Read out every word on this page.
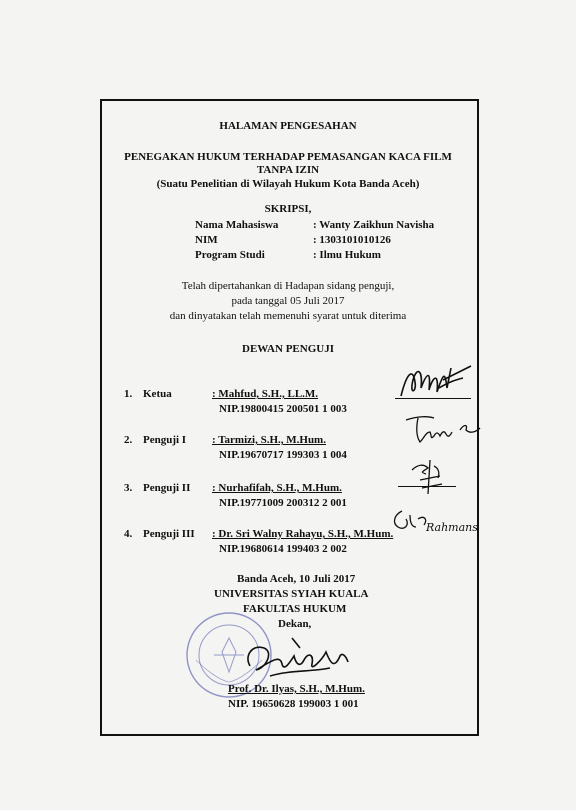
HALAMAN PENGESAHAN
PENEGAKAN HUKUM TERHADAP PEMASANGAN KACA FILM
TANPA IZIN
(Suatu Penelitian di Wilayah Hukum Kota Banda Aceh)
SKRIPSI,
Nama Mahasiswa	: Wanty Zaikhun Navisha
NIM	: 1303101010126
Program Studi	: Ilmu Hukum
Telah dipertahankan di Hadapan sidang penguji,
pada tanggal 05 Juli 2017
dan dinyatakan telah memenuhi syarat untuk diterima
DEWAN PENGUJI
1. Ketua	: Mahfud, S.H., LL.M.
NIP.19800415 200501 1 003
2. Penguji I : Tarmizi, S.H., M.Hum.
NIP.19670717 199303 1 004
3. Penguji II : Nurhafifah, S.H., M.Hum.
NIP.19771009 200312 2 001
4. Penguji III : Dr. Sri Walny Rahayu, S.H., M.Hum.
NIP.19680614 199403 2 002
Rahmans
Banda Aceh, 10 Juli 2017
UNIVERSITAS SYIAH KUALA
FAKULTAS HUKUM
Dekan,
Prof. Dr. Ilyas, S.H., M.Hum.
NIP. 19650628 199003 1 001
